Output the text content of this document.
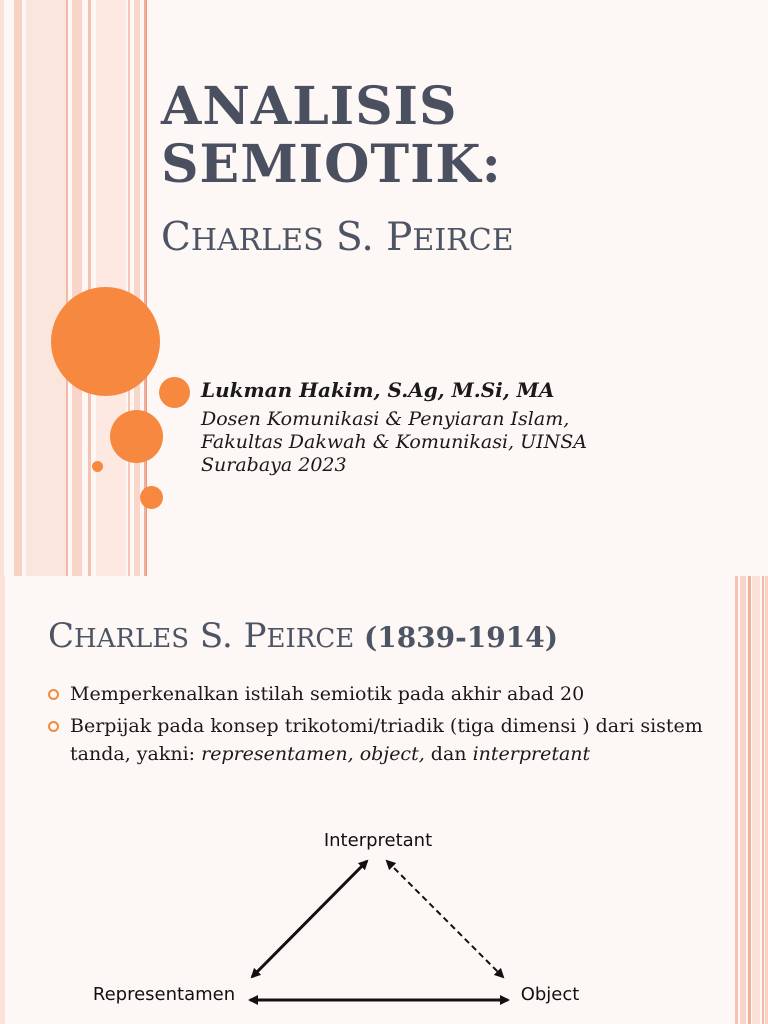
ANALISIS
SEMIOTIK:
CHARLES S. PEIRCE
Lukman Hakim, S.Ag, M.Si, MA
Dosen Komunikasi & Penyiaran Islam,
Fakultas Dakwah & Komunikasi, UINSA
Surabaya 2023
CHARLES S. PEIRCE (1839-1914)
Memperkenalkan istilah semiotik pada akhir abad 20
Berpijak pada konsep trikotomi/triadik (tiga dimensi ) dari sistem tanda, yakni: representamen, object, dan interpretant
Interpretant
Representamen	Object
